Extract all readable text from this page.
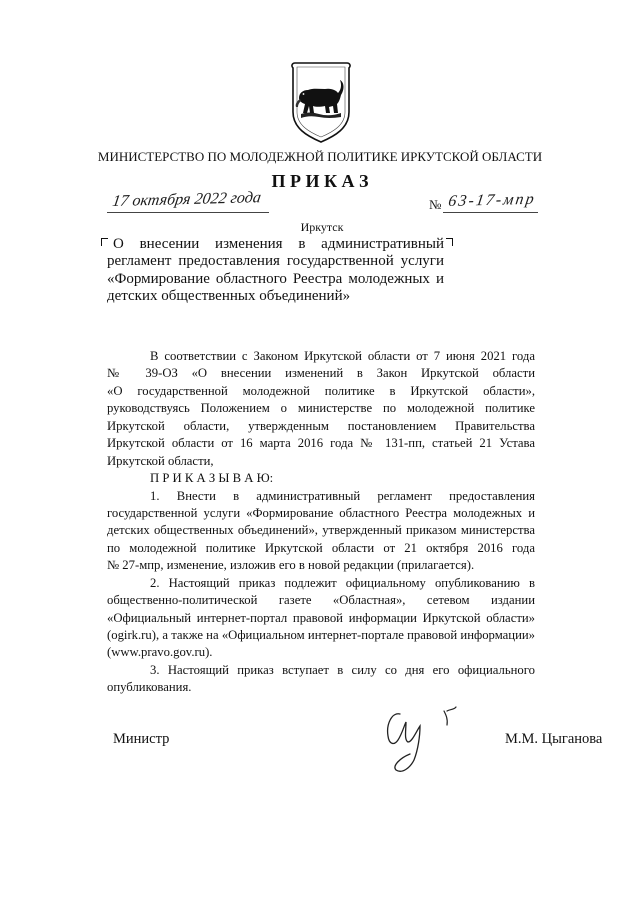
МИНИСТЕРСТВО ПО МОЛОДЕЖНОЙ ПОЛИТИКЕ ИРКУТСКОЙ ОБЛАСТИ
П Р И К А З
17 октября 2022 года	№ 63-17-мпр
Иркутск
О внесении изменения в административный
регламент предоставления государственной услуги
«Формирование областного Реестра молодежных и
детских общественных объединений»
В соответствии с Законом Иркутской области от 7 июня 2021 года
№ 39-ОЗ «О внесении изменений в Закон Иркутской области
«О государственной молодежной политике в Иркутской области»,
руководствуясь Положением о министерстве по молодежной политике
Иркутской области, утвержденным постановлением Правительства
Иркутской области от 16 марта 2016 года № 131-пп, статьей 21 Устава
Иркутской области,
П Р И К А З Ы В А Ю:
1. Внести в административный регламент предоставления
государственной услуги «Формирование областного Реестра молодежных и
детских общественных объединений», утвержденный приказом министерства
по молодежной политике Иркутской области от 21 октября 2016 года
№ 27-мпр, изменение, изложив его в новой редакции (прилагается).
2. Настоящий приказ подлежит официальному опубликованию в
общественно-политической газете «Областная», сетевом издании
«Официальный интернет-портал правовой информации Иркутской области»
(ogirk.ru), а также на «Официальном интернет-портале правовой информации»
(www.pravo.gov.ru).
3. Настоящий приказ вступает в силу со дня его официального
опубликования.
Министр	М.М. Цыганова
